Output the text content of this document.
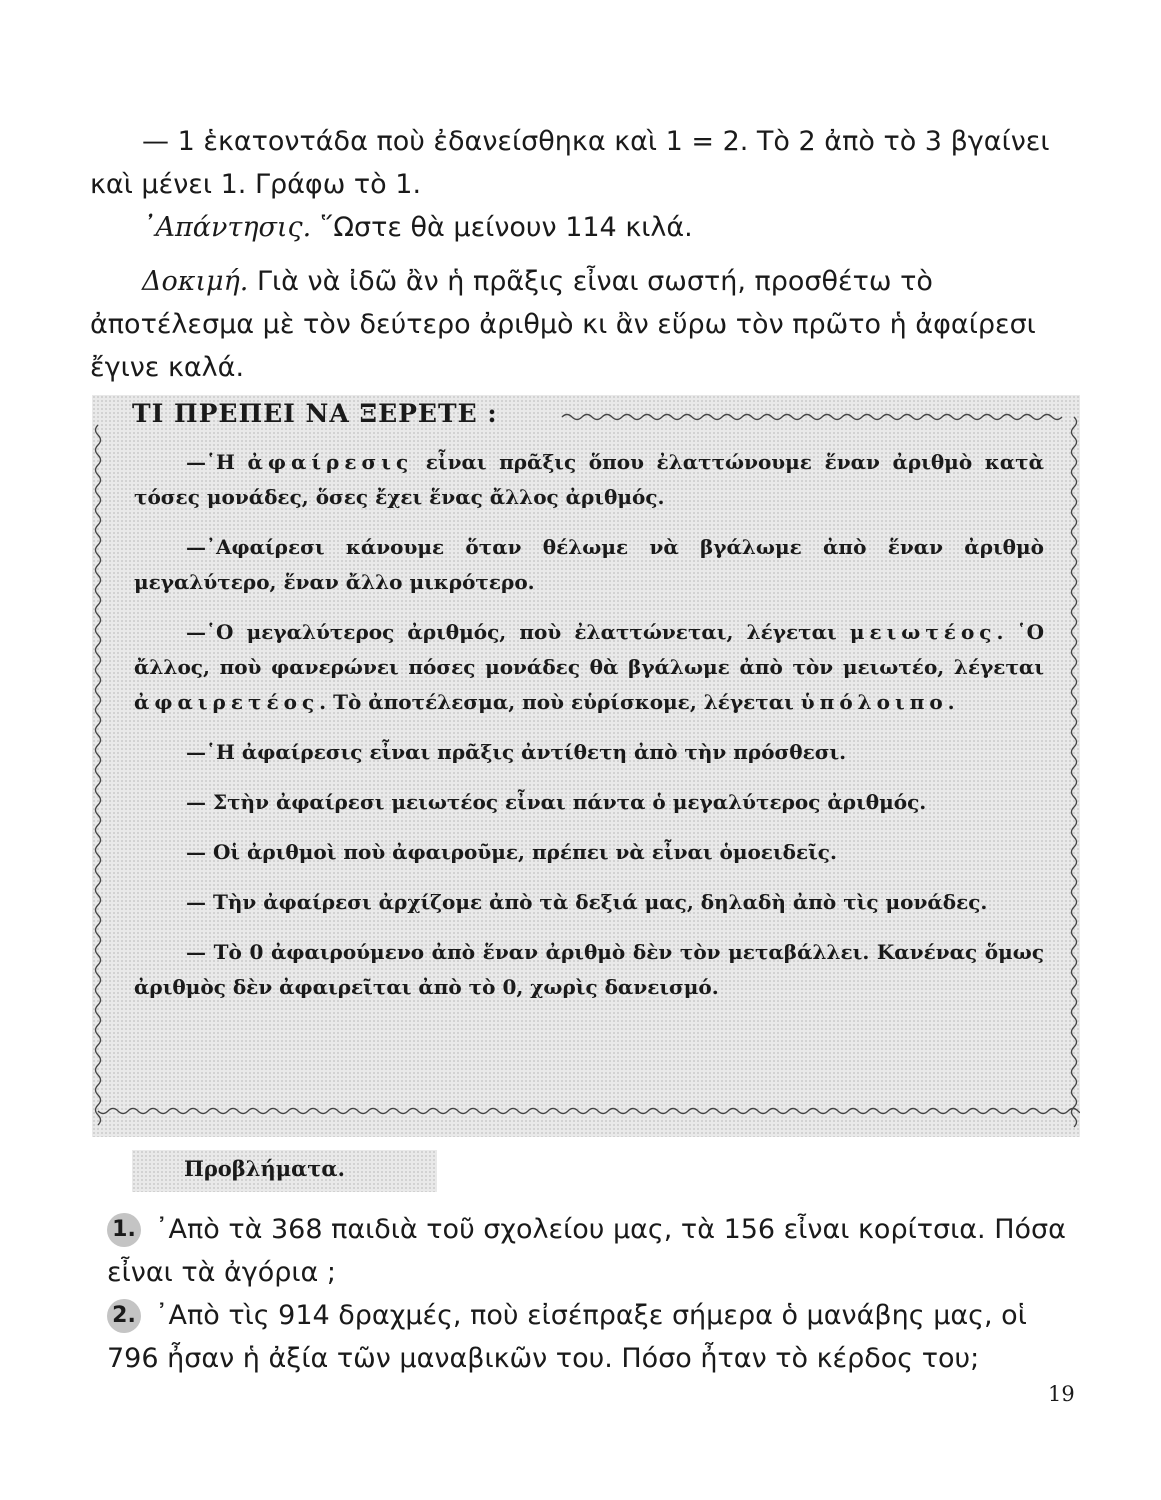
— 1 ἑκατοντάδα ποὺ ἐδανείσθηκα καὶ 1 = 2. Τὸ 2 ἀπὸ τὸ 3 βγαίνει καὶ μένει 1. Γράφω τὸ 1.

᾿Απάντησις. ῞Ωστε θὰ μείνουν 114 κιλά.

Δοκιμή. Γιὰ νὰ ἰδῶ ἂν ἡ πρᾶξις εἶναι σωστή, προσθέτω τὸ ἀποτέλεσμα μὲ τὸν δεύτερο ἀριθμὸ κι ἂν εὕρω τὸν πρῶτο ἡ ἀφαίρεσι ἔγινε καλά.

ΤΙ ΠΡΕΠΕΙ ΝΑ ΞΕΡΕΤΕ :

—῾Η ἀφαίρεσις εἶναι πρᾶξις ὅπου ἐλαττώνουμε ἕναν ἀριθμὸ κατὰ τόσες μονάδες, ὅσες ἔχει ἕνας ἄλλος ἀριθμός.

—᾿Αφαίρεσι κάνουμε ὅταν θέλωμε νὰ βγάλωμε ἀπὸ ἕναν ἀριθμὸ μεγαλύτερο, ἕναν ἄλλο μικρότερο.

—῾Ο μεγαλύτερος ἀριθμός, ποὺ ἐλαττώνεται, λέγεται μειωτέος. ῾Ο ἄλλος, ποὺ φανερώνει πόσες μονάδες θὰ βγάλωμε ἀπὸ τὸν μειωτέο, λέγεται ἀφαιρετέος. Τὸ ἀποτέλεσμα, ποὺ εὑρίσκομε, λέγεται ὑπόλοιπο.

—῾Η ἀφαίρεσις εἶναι πρᾶξις ἀντίθετη ἀπὸ τὴν πρόσθεσι.

— Στὴν ἀφαίρεσι μειωτέος εἶναι πάντα ὁ μεγαλύτερος ἀριθμός.

— Οἱ ἀριθμοὶ ποὺ ἀφαιροῦμε, πρέπει νὰ εἶναι ὁμοειδεῖς.

— Τὴν ἀφαίρεσι ἀρχίζομε ἀπὸ τὰ δεξιά μας, δηλαδὴ ἀπὸ τὶς μονάδες.

— Τὸ 0 ἀφαιρούμενο ἀπὸ ἕναν ἀριθμὸ δὲν τὸν μεταβάλλει. Κανένας ὅμως ἀριθμὸς δὲν ἀφαιρεῖται ἀπὸ τὸ 0, χωρὶς δανεισμό.

Προβλήματα.

1. ᾿Απὸ τὰ 368 παιδιὰ τοῦ σχολείου μας, τὰ 156 εἶναι κορίτσια. Πόσα εἶναι τὰ ἀγόρια ;

2. ᾿Απὸ τὶς 914 δραχμές, ποὺ εἰσέπραξε σήμερα ὁ μανάβης μας, οἱ 796 ἦσαν ἡ ἀξία τῶν μαναβικῶν του. Πόσο ἦταν τὸ κέρδος του;

19
